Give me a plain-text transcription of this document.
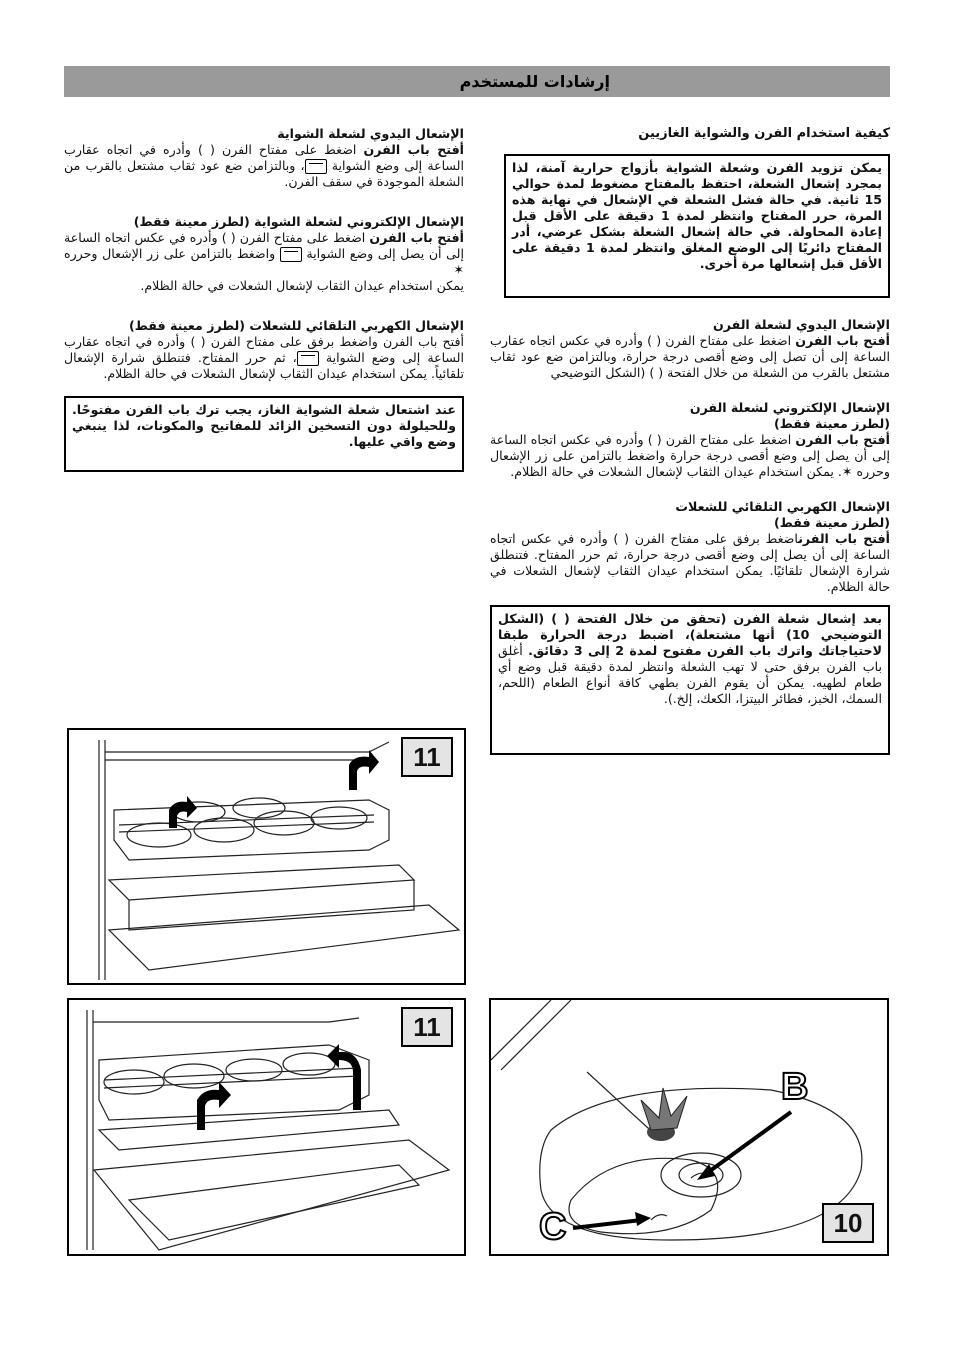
إرشادات للمستخدم

كيفية استخدام الفرن والشواية الغازيين

يمكن تزويد الفرن وشعلة الشواية بأزواج حرارية آمنة، لذا بمجرد إشعال الشعلة، احتفظ بالمفتاح مضغوط لمدة حوالي 15 ثانية. في حالة فشل الشعلة في الإشعال في نهاية هذه المرة، حرر المفتاح وانتظر لمدة 1 دقيقة على الأقل قبل إعادة المحاولة. في حالة إشعال الشعلة بشكل عرضي، أدر المفتاح دائريًا إلى الوضع المغلق وانتظر لمدة 1 دقيقة على الأقل قبل إشعالها مرة أخرى.

الإشعال اليدوي لشعلة الفرن

أفتح باب الفرن اضغط على مفتاح الفرن ( ) وأدره في عكس اتجاه عقارب الساعة إلى أن تصل إلى وضع أقصى درجة حرارة، وبالتزامن ضع عود ثقاب مشتعل بالقرب من الشعلة من خلال الفتحة ( ) (الشكل التوضيحي

الإشعال الإلكتروني لشعلة الفرن

(لطرز معينة فقط)

أفتح باب الفرن اضغط على مفتاح الفرن ( ) وأدره في عكس اتجاه الساعة إلى أن يصل إلى وضع أقصى درجة حرارة واضغط بالتزامن على زر الإشعال وحرره ✶. يمكن استخدام عيدان الثقاب لإشعال الشعلات في حالة الظلام.

الإشعال الكهربي التلقائي للشعلات

(لطرز معينة فقط)

أفتح باب الفرناضغط برفق على مفتاح الفرن ( ) وأدره في عكس اتجاه الساعة إلى أن يصل إلى وضع أقصى درجة حرارة، ثم حرر المفتاح. فتنطلق شرارة الإشعال تلقائيًا. يمكن استخدام عيدان الثقاب لإشعال الشعلات في حالة الظلام.

بعد إشعال شعلة الفرن (تحقق من خلال الفتحة ( ) (الشكل التوضيحي 10) أنها مشتعلة)، اضبط درجة الحرارة طبقا لاحتياجاتك واترك باب الفرن مفتوح لمدة 2 إلى 3 دقائق. أغلق باب الفرن برفق حتى لا تهب الشعلة وانتظر لمدة دقيقة قبل وضع أي طعام لطهيه. يمكن أن يقوم الفرن بطهي كافة أنواع الطعام (اللحم، السمك، الخبز، فطائر البيتزا، الكعك، إلخ.).

الإشعال اليدوي لشعلة الشواية

أفتح باب الفرن اضغط على مفتاح الفرن ( ) وأدره في اتجاه عقارب الساعة إلى وضع الشواية ، وبالتزامن ضع عود ثقاب مشتعل بالقرب من الشعلة الموجودة في سقف الفرن.

الإشعال الإلكتروني لشعلة الشواية (لطرز معينة فقط)

أفتح باب الفرن اضغط على مفتاح الفرن ( ) وأدره في عكس اتجاه الساعة إلى أن يصل إلى وضع الشواية  واضغط بالتزامن على زر الإشعال وحرره ✶

يمكن استخدام عيدان الثقاب لإشعال الشعلات في حالة الظلام.

الإشعال الكهربي التلقائي للشعلات (لطرز معينة فقط)

أفتح باب الفرن واضغط برفق على مفتاح الفرن ( ) وأدره في اتجاه عقارب الساعة إلى وضع الشواية ، ثم حرر المفتاح. فتنطلق شرارة الإشعال تلقائياً. يمكن استخدام عيدان الثقاب لإشعال الشعلات في حالة الظلام.

عند اشتعال شعلة الشواية الغاز، يجب ترك باب الفرن مفتوحًا. وللحيلولة دون التسخين الزائد للمفاتيح والمكونات، لذا ينبغي وضع واقي عليها.
11
11
B
C	10
